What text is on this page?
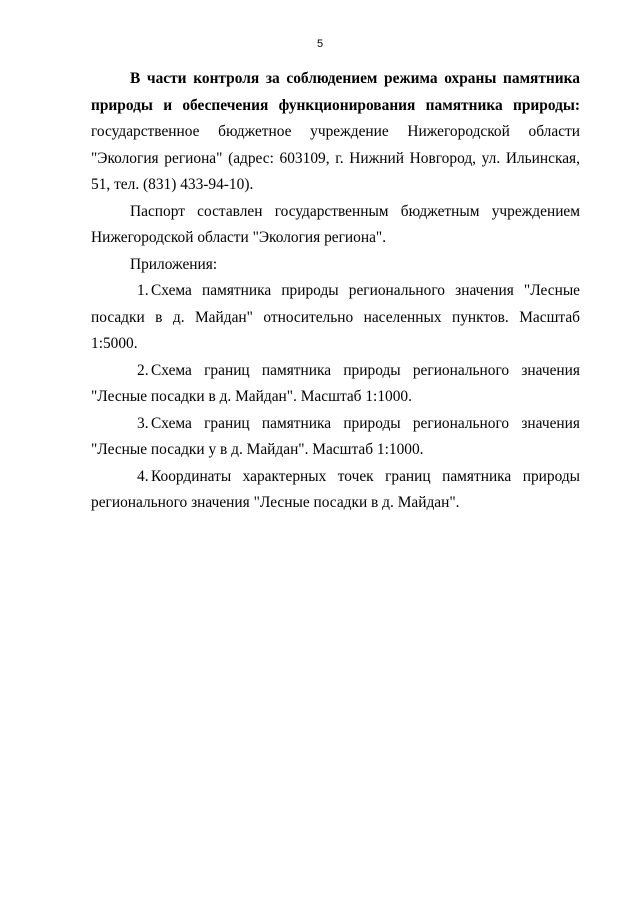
5

В части контроля за соблюдением режима охраны памятника природы и обеспечения функционирования памятника природы: государственное бюджетное учреждение Нижегородской области "Экология региона" (адрес: 603109, г. Нижний Новгород, ул. Ильинская, 51, тел. (831) 433-94-10).

Паспорт составлен государственным бюджетным учреждением Нижегородской области "Экология региона".

Приложения:

1. Схема памятника природы регионального значения "Лесные посадки в д. Майдан" относительно населенных пунктов. Масштаб 1:5000.
2. Схема границ памятника природы регионального значения "Лесные посадки в д. Майдан". Масштаб 1:1000.
3. Схема границ памятника природы регионального значения "Лесные посадки у в д. Майдан". Масштаб 1:1000.
4. Координаты характерных точек границ памятника природы регионального значения "Лесные посадки в д. Майдан".
